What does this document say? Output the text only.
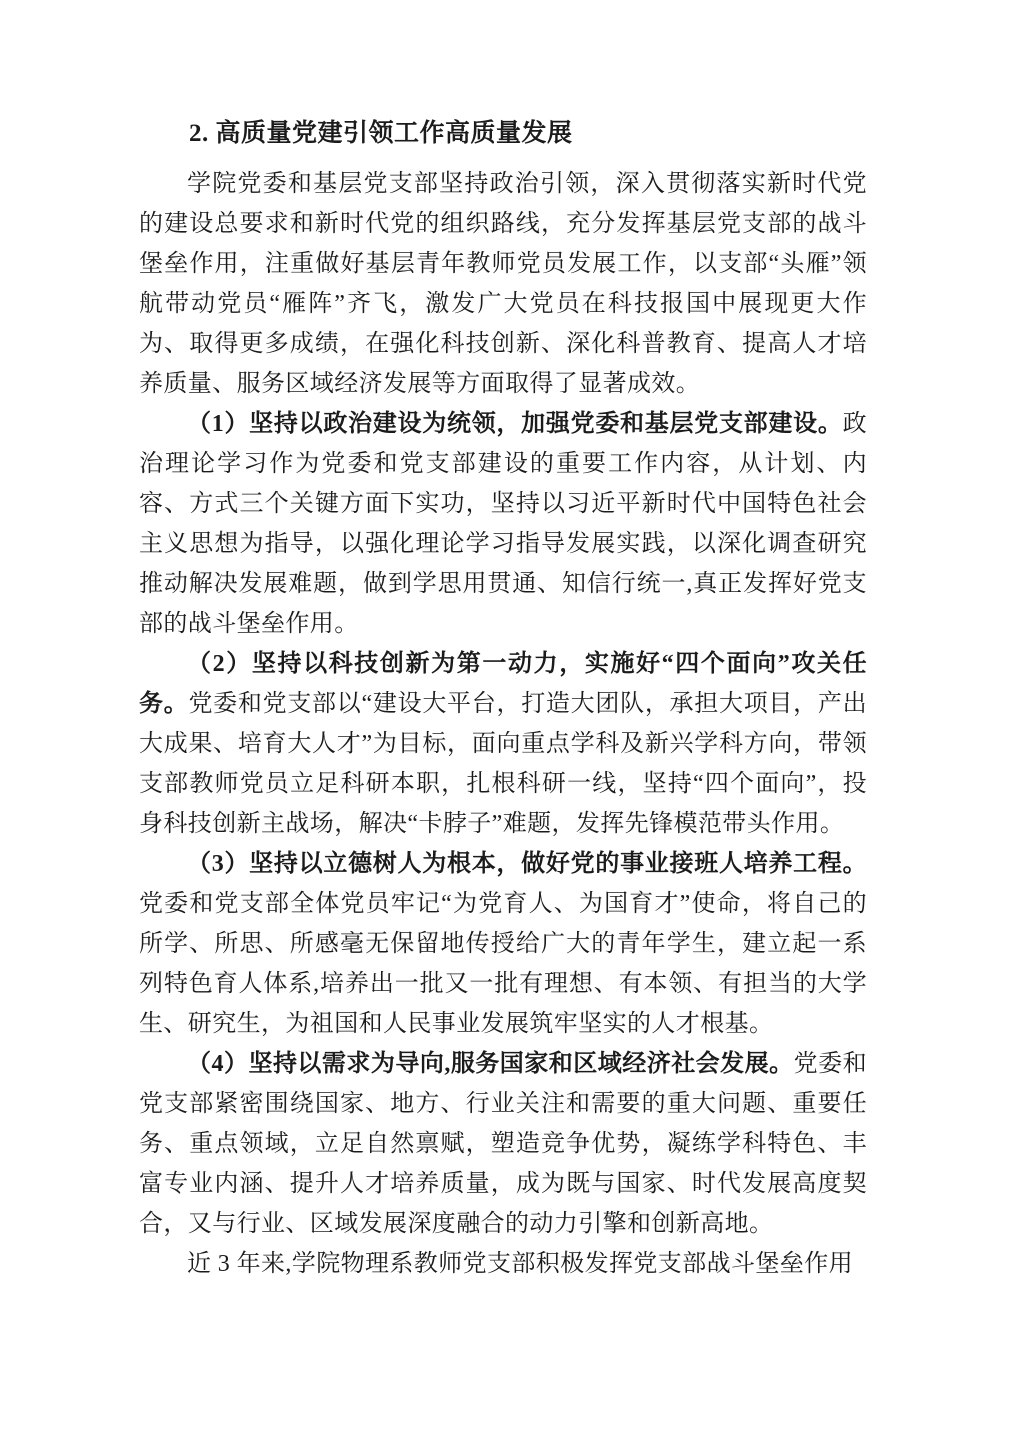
2. 高质量党建引领工作高质量发展

学院党委和基层党支部坚持政治引领，深入贯彻落实新时代党的建设总要求和新时代党的组织路线，充分发挥基层党支部的战斗堡垒作用，注重做好基层青年教师党员发展工作，以支部“头雁”领航带动党员“雁阵”齐飞，激发广大党员在科技报国中展现更大作为、取得更多成绩，在强化科技创新、深化科普教育、提高人才培养质量、服务区域经济发展等方面取得了显著成效。

（1）坚持以政治建设为统领，加强党委和基层党支部建设。政治理论学习作为党委和党支部建设的重要工作内容，从计划、内容、方式三个关键方面下实功，坚持以习近平新时代中国特色社会主义思想为指导，以强化理论学习指导发展实践，以深化调查研究推动解决发展难题，做到学思用贯通、知信行统一,真正发挥好党支部的战斗堡垒作用。

（2）坚持以科技创新为第一动力，实施好“四个面向”攻关任务。党委和党支部以“建设大平台，打造大团队，承担大项目，产出大成果、培育大人才”为目标，面向重点学科及新兴学科方向，带领支部教师党员立足科研本职，扎根科研一线，坚持“四个面向”，投身科技创新主战场，解决“卡脖子”难题，发挥先锋模范带头作用。

（3）坚持以立德树人为根本，做好党的事业接班人培养工程。党委和党支部全体党员牢记“为党育人、为国育才”使命，将自己的所学、所思、所感毫无保留地传授给广大的青年学生，建立起一系列特色育人体系,培养出一批又一批有理想、有本领、有担当的大学生、研究生，为祖国和人民事业发展筑牢坚实的人才根基。

（4）坚持以需求为导向,服务国家和区域经济社会发展。党委和党支部紧密围绕国家、地方、行业关注和需要的重大问题、重要任务、重点领域，立足自然禀赋，塑造竞争优势，凝练学科特色、丰富专业内涵、提升人才培养质量，成为既与国家、时代发展高度契合，又与行业、区域发展深度融合的动力引擎和创新高地。

近 3 年来,学院物理系教师党支部积极发挥党支部战斗堡垒作用
